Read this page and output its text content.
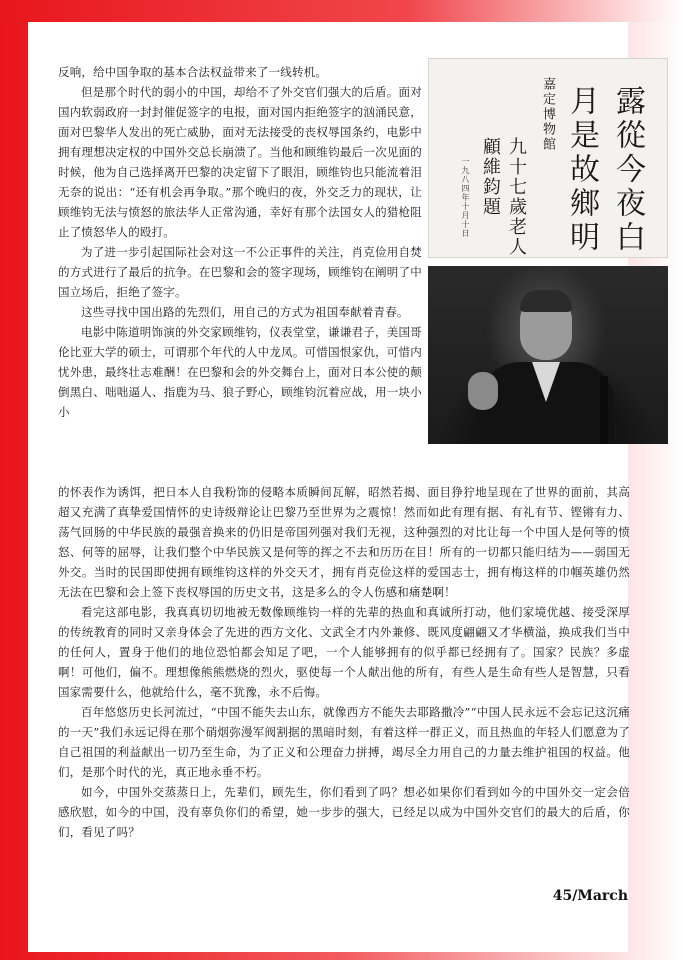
反响，给中国争取的基本合法权益带来了一线转机。

但是那个时代的弱小的中国，却给不了外交官们强大的后盾。面对国内软弱政府一封封催促签字的电报，面对国内拒绝签字的汹涌民意，面对巴黎华人发出的死亡威胁，面对无法接受的丧权辱国条约，电影中拥有理想决定权的中国外交总长崩溃了。当他和顾维钧最后一次见面的时候，他为自己选择离开巴黎的决定留下了眼泪，顾维钧也只能流着泪无奈的说出：“还有机会再争取。”那个晚归的夜，外交乏力的现状，让顾维钧无法与愤怒的旅法华人正常沟通，幸好有那个法国女人的猎枪阻止了愤怒华人的殴打。

为了进一步引起国际社会对这一不公正事件的关注，肖克俭用自焚的方式进行了最后的抗争。在巴黎和会的签字现场，顾维钧在阐明了中国立场后，拒绝了签字。

这些寻找中国出路的先烈们，用自己的方式为祖国奉献着青春。

电影中陈道明饰演的外交家顾维钧，仪表堂堂，谦谦君子，美国哥伦比亚大学的硕士，可谓那个年代的人中龙凤。可惜国恨家仇，可惜内忧外患，最终壮志难酬！在巴黎和会的外交舞台上，面对日本公使的颠倒黑白、咄咄逼人、指鹿为马、狼子野心，顾维钧沉着应战，用一块小小

露從今夜白
月是故鄉明
嘉定博物館
九十七歲老人
顧維鈞題
一九八四年十月十日

的怀表作为诱饵，把日本人自我粉饰的侵略本质瞬间瓦解，昭然若揭、面目狰狞地呈现在了世界的面前，其高超又充满了真挚爱国情怀的史诗级辩论让巴黎乃至世界为之震惊！然而如此有理有据、有礼有节、铿锵有力、荡气回肠的中华民族的最强音换来的仍旧是帝国列强对我们无视，这种强烈的对比让每一个中国人是何等的愤怒、何等的屈辱，让我们整个中华民族又是何等的挥之不去和历历在目！所有的一切都只能归结为——弱国无外交。当时的民国即使拥有顾维钧这样的外交天才，拥有肖克俭这样的爱国志士，拥有梅这样的巾帼英雄仍然无法在巴黎和会上签下丧权辱国的历史文书，这是多么的令人伤感和痛楚啊！

看完这部电影，我真真切切地被无数像顾维钧一样的先辈的热血和真诚所打动，他们家境优越、接受深厚的传统教育的同时又亲身体会了先进的西方文化、文武全才内外兼修、既风度翩翩又才华横溢，换成我们当中的任何人，置身于他们的地位恐怕都会知足了吧，一个人能够拥有的似乎都已经拥有了。国家？民族？多虚啊！可他们，偏不。理想像熊熊燃烧的烈火，驱使每一个人献出他的所有，有些人是生命有些人是智慧，只看国家需要什么，他就给什么，毫不犹豫，永不后悔。

百年悠悠历史长河流过，“中国不能失去山东，就像西方不能失去耶路撒冷”“中国人民永远不会忘记这沉痛的一天”我们永远记得在那个硝烟弥漫军阀割据的黑暗时刻，有着这样一群正义，而且热血的年轻人们愿意为了自己祖国的利益献出一切乃至生命，为了正义和公理奋力拼搏，竭尽全力用自己的力量去维护祖国的权益。他们，是那个时代的光，真正地永垂不朽。

如今，中国外交蒸蒸日上，先辈们，顾先生，你们看到了吗？想必如果你们看到如今的中国外交一定会倍感欣慰，如今的中国，没有辜负你们的希望，她一步步的强大，已经足以成为中国外交官们的最大的后盾，你们，看见了吗？

45/March
